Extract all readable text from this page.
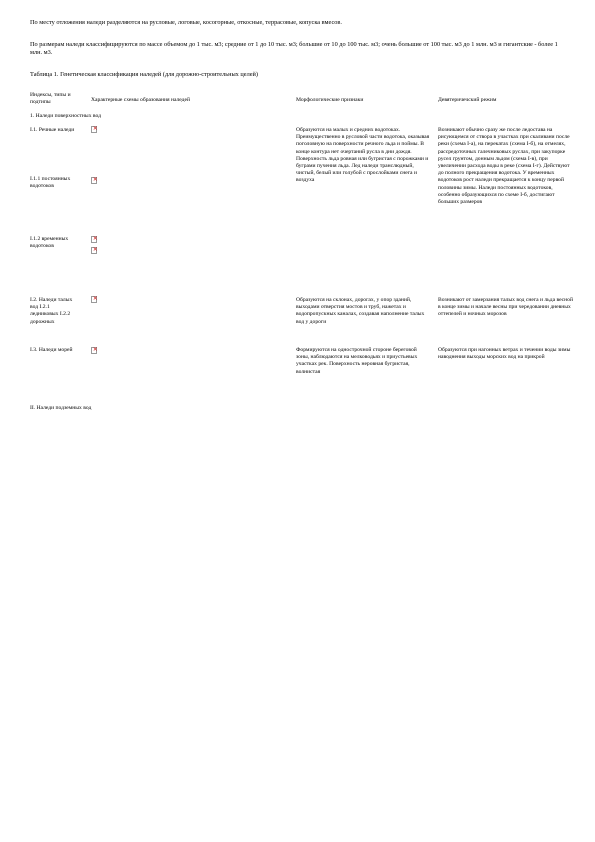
По месту отложения наледи разделяются на русловые, логовые, косогорные, откосные, террасовые, копуска вмесов.
По размерам наледи классифицируются по массе объемом до 1 тыс. м3; средние от 1 до 10 тыс. м3; большие от 10 до 100 тыс. м3; очень большие от 100 тыс. м3 до 1 млн. м3 и гигантские - более 1 млн. м3.
Таблица 1. Генетическая классификация наледей (для дорожно-строительных целей)
Индексы, типы и подтипы	Характерные схемы образования наледей	Морфологические признаки	Девятеричечский режим
1. Наледи поверхностных вод
I.1. Речные наледи
×
I.1.1 постоянных водотоков
×
I.1.2 временных водотоков
×
×
Образуются на малых и средних водотоках. Преимущественно в русловой части водотока, оказывая поголовную на поверхности речного льда и поймы. В конце контура нет очертаний русла в дни дождя. Поверхность льда ровная или бугристая с порожками и буграми пучения льда. Лед наледи транслюдный, чистый, белый или голубой с прослойками снега и воздуха
Возникают обычно сразу же после ледостава на рисующемся от створа в участках при скаливани после реки (схема I-а), на перекатах (схема I-б), на отмелях, рассредоточных галечниковых руслах, при закупорке русел грунтом, донным льдом (схема I-в), при увеличении расхода воды в реке (схема I-г). Действуют до полного прекращения водотока. У временных водотоков рост наледи прекращается к концу первой половины зимы. Наледи постоянных водотоков, особенно образующихся по схеме I-б, достигают больших размеров
I.2. Наледи талых вод I.2.1 ледниковых I.2.2 дорожных
×
Образуются на склонах, дорогах, у опор зданий, выходами отверстия мостов и труб, нажетах и водопропускных каналах, создавая наполнение талых вод у дороги
Возникают от замерзания талых вод снега и льда весной в конце зимы и начале весны при чередовании дневных оттепелей и ночных морозов
I.3. Наледи морей
×	Формируются на однострочной стороне береговой зоны, наблюдаются на мелководьях и приустьевых участках рек. Поверхность неровная бугристая, волнистая
Образуются при нагонных ветрах и течении воды зимы наводнения выходы морских вод на прикрой
II. Наледи подземных вод
